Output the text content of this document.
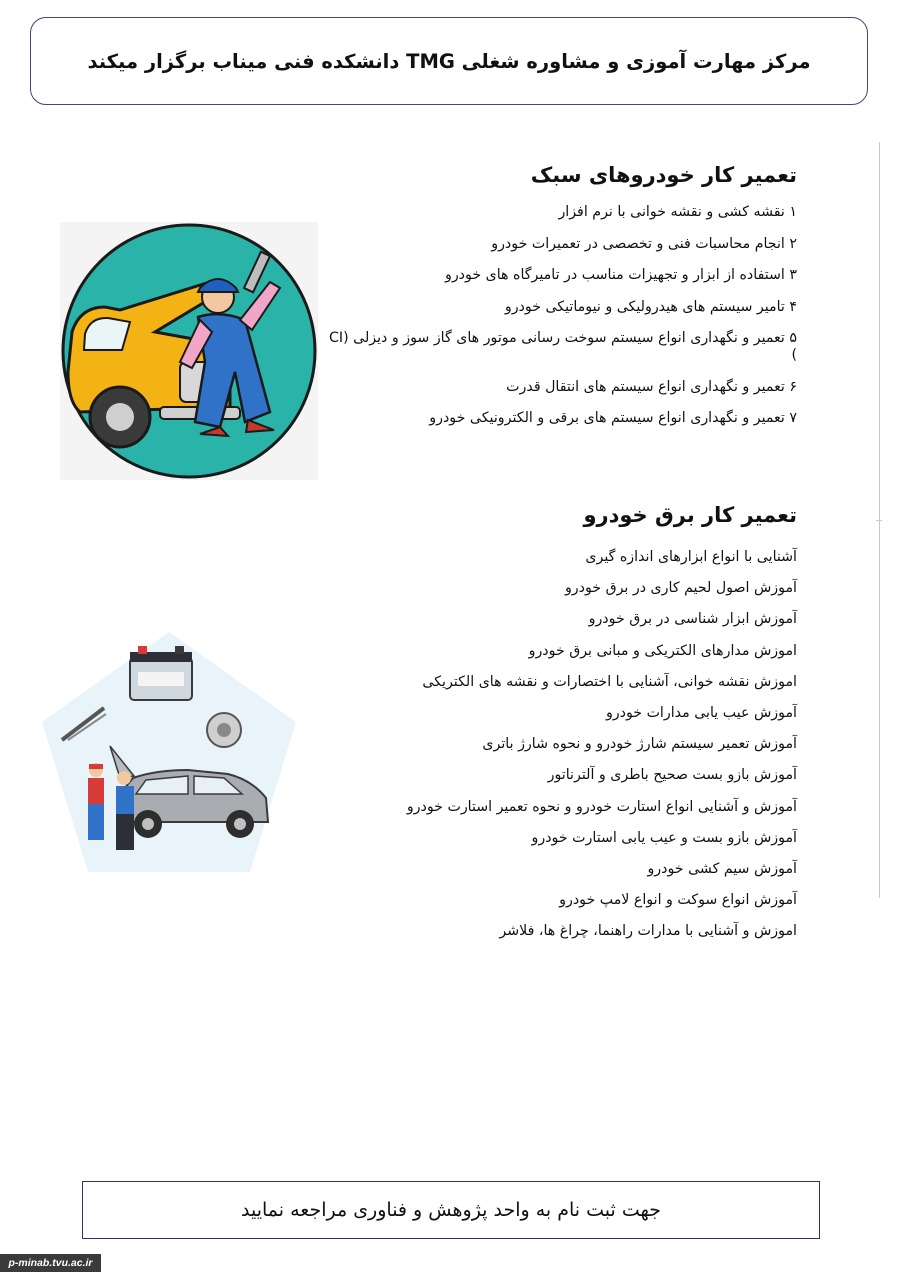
مرکز مهارت آموزی و مشاوره شغلی TMG دانشکده فنی میناب برگزار میکند
تعمیر کار خودروهای سبک
۱ نقشه کشی و نقشه خوانی با نرم افزار
۲ انجام محاسبات فنی و تخصصی در تعمیرات خودرو
۳ استفاده از ابزار و تجهیزات مناسب در تامیرگاه های خودرو
۴ تامیر سیستم های هیدرولیکی و نیوماتیکی خودرو
۵ تعمیر و نگهداری انواع سیستم سوخت رسانی موتور های گاز سوز و دیزلی (CI )
۶ تعمیر و نگهداری انواع سیستم های انتقال قدرت
۷ تعمیر و نگهداری انواع سیستم های برقی و الکترونیکی خودرو
تعمیر کار برق خودرو
آشنایی با انواع ابزارهای اندازه گیری
آموزش اصول لحیم کاری در برق خودرو
آموزش ابزار شناسی در برق خودرو
اموزش مدارهای الکتریکی و مبانی برق خودرو
اموزش نقشه خوانی، آشنایی با اختصارات و نقشه های الکتریکی
آموزش عیب یابی مدارات خودرو
آموزش تعمیر سیستم شارژ خودرو و نحوه شارژ باتری
آموزش بازو بست صحیح باطری و آلترناتور
آموزش و آشنایی انواع استارت خودرو و نحوه تعمیر استارت خودرو
آموزش بازو بست و عیب یابی استارت خودرو
آموزش سیم کشی خودرو
آموزش انواع سوکت و انواع لامپ خودرو
اموزش و آشنایی با مدارات راهنما، چراغ ها، فلاشر
جهت ثبت نام به واحد پژوهش و فناوری مراجعه نمایید
p-minab.tvu.ac.ir
